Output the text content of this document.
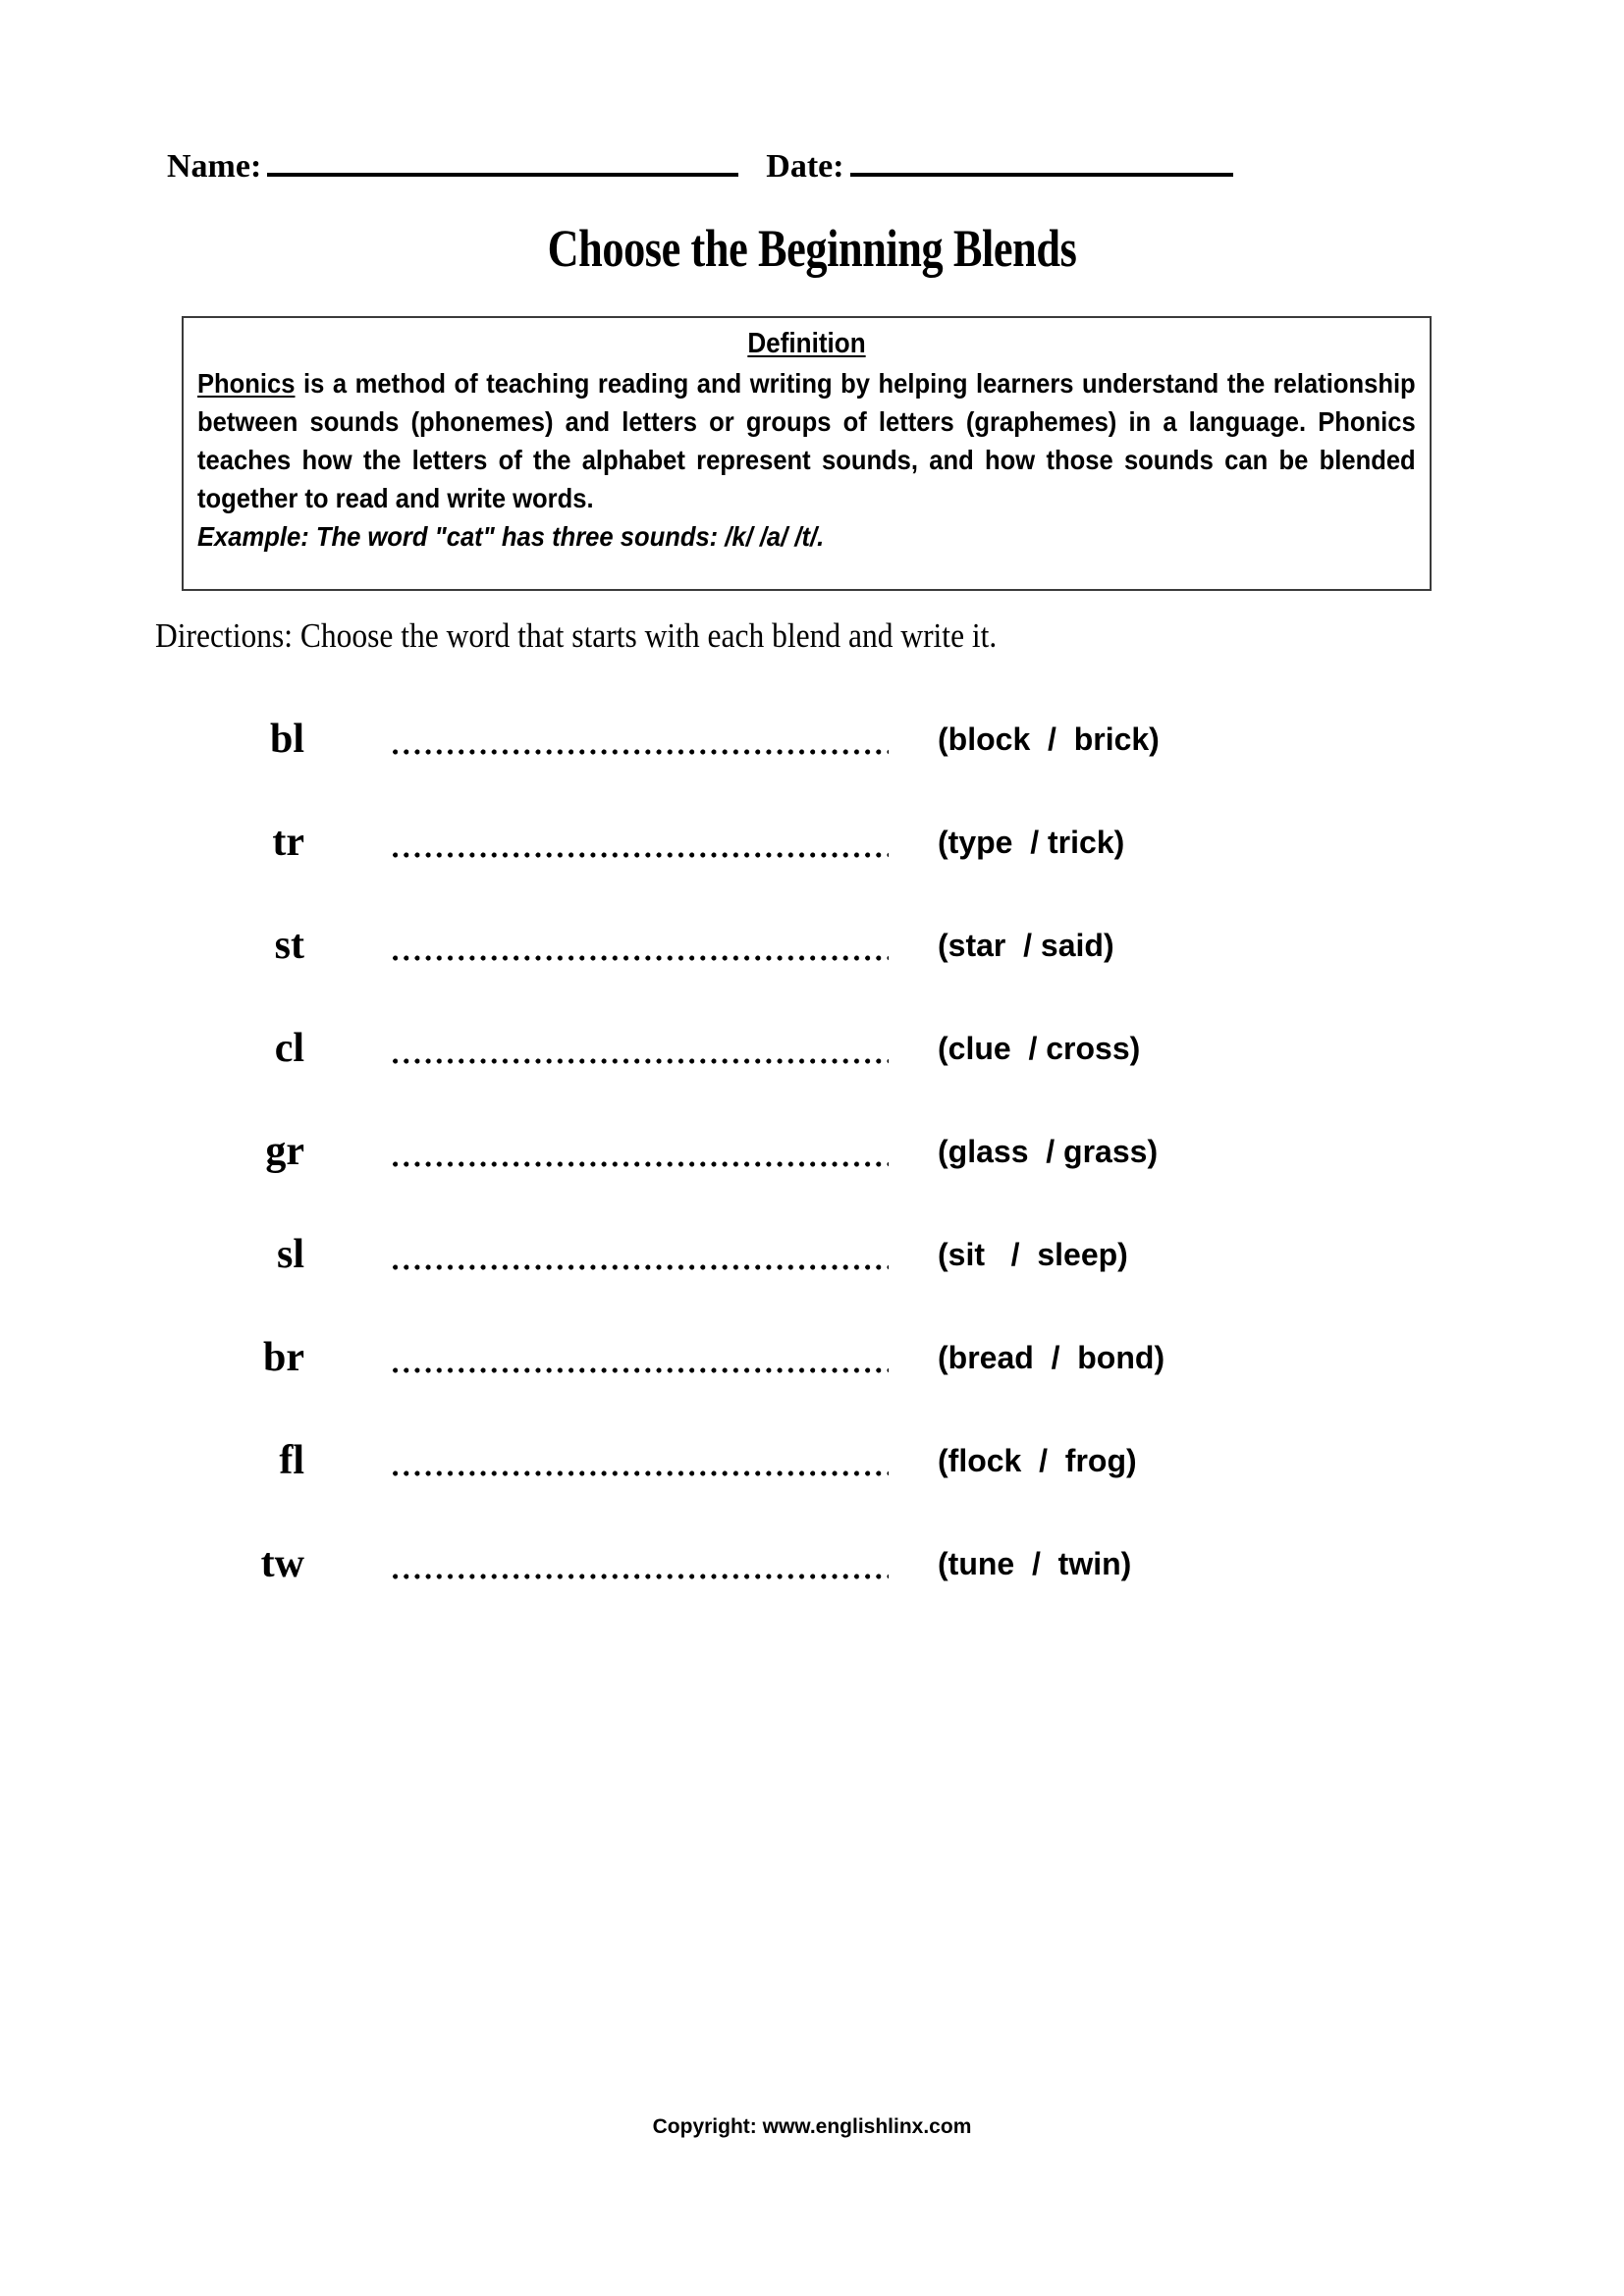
Name:	Date:
Choose the Beginning Blends
Definition
Phonics is a method of teaching reading and writing by helping learners understand the relationship between sounds (phonemes) and letters or groups of letters (graphemes) in a language. Phonics teaches how the letters of the alphabet represent sounds, and how those sounds can be blended together to read and write words.
Example: The word "cat" has three sounds: /k/ /a/ /t/.
Directions: Choose the word that starts with each blend and write it.
bl	(block  /  brick)
tr	(type  / trick)
st	(star  / said)
cl	(clue  / cross)
gr	(glass  / grass)
sl	(sit   /  sleep)
br	(bread  /  bond)
fl	(flock  /  frog)
tw	(tune  /  twin)
Copyright: www.englishlinx.com
